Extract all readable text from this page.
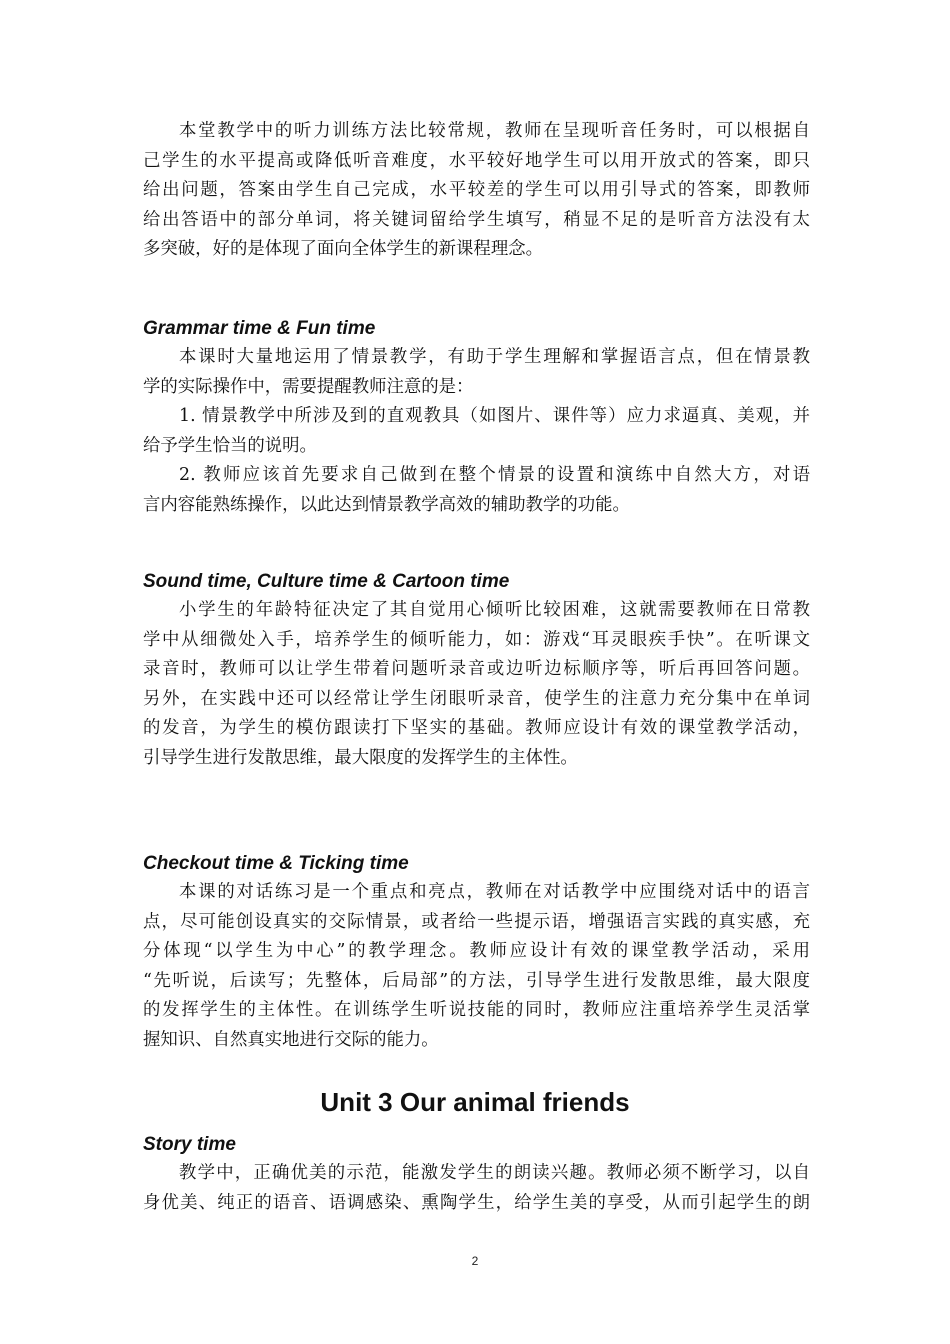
本堂教学中的听力训练方法比较常规，教师在呈现听音任务时，可以根据自
己学生的水平提高或降低听音难度，水平较好地学生可以用开放式的答案，即只
给出问题，答案由学生自己完成，水平较差的学生可以用引导式的答案，即教师
给出答语中的部分单词，将关键词留给学生填写，稍显不足的是听音方法没有太
多突破，好的是体现了面向全体学生的新课程理念。
Grammar time & Fun time
本课时大量地运用了情景教学，有助于学生理解和掌握语言点，但在情景教
学的实际操作中，需要提醒教师注意的是：
1. 情景教学中所涉及到的直观教具（如图片、课件等）应力求逼真、美观，并
给予学生恰当的说明。
2. 教师应该首先要求自己做到在整个情景的设置和演练中自然大方，对语
言内容能熟练操作，以此达到情景教学高效的辅助教学的功能。
Sound time, Culture time & Cartoon time
小学生的年龄特征决定了其自觉用心倾听比较困难，这就需要教师在日常教
学中从细微处入手，培养学生的倾听能力，如：游戏“耳灵眼疾手快”。在听课文
录音时，教师可以让学生带着问题听录音或边听边标顺序等，听后再回答问题。
另外，在实践中还可以经常让学生闭眼听录音，使学生的注意力充分集中在单词
的发音，为学生的模仿跟读打下坚实的基础。教师应设计有效的课堂教学活动，
引导学生进行发散思维，最大限度的发挥学生的主体性。
Checkout time & Ticking time
本课的对话练习是一个重点和亮点，教师在对话教学中应围绕对话中的语言
点，尽可能创设真实的交际情景，或者给一些提示语，增强语言实践的真实感，充
分体现“以学生为中心”的教学理念。教师应设计有效的课堂教学活动，采用
“先听说，后读写；先整体，后局部”的方法，引导学生进行发散思维，最大限度
的发挥学生的主体性。在训练学生听说技能的同时，教师应注重培养学生灵活掌
握知识、自然真实地进行交际的能力。
Unit 3 Our animal friends
Story time
教学中，正确优美的示范，能激发学生的朗读兴趣。教师必须不断学习，以自
身优美、纯正的语音、语调感染、熏陶学生，给学生美的享受，从而引起学生的朗
2
